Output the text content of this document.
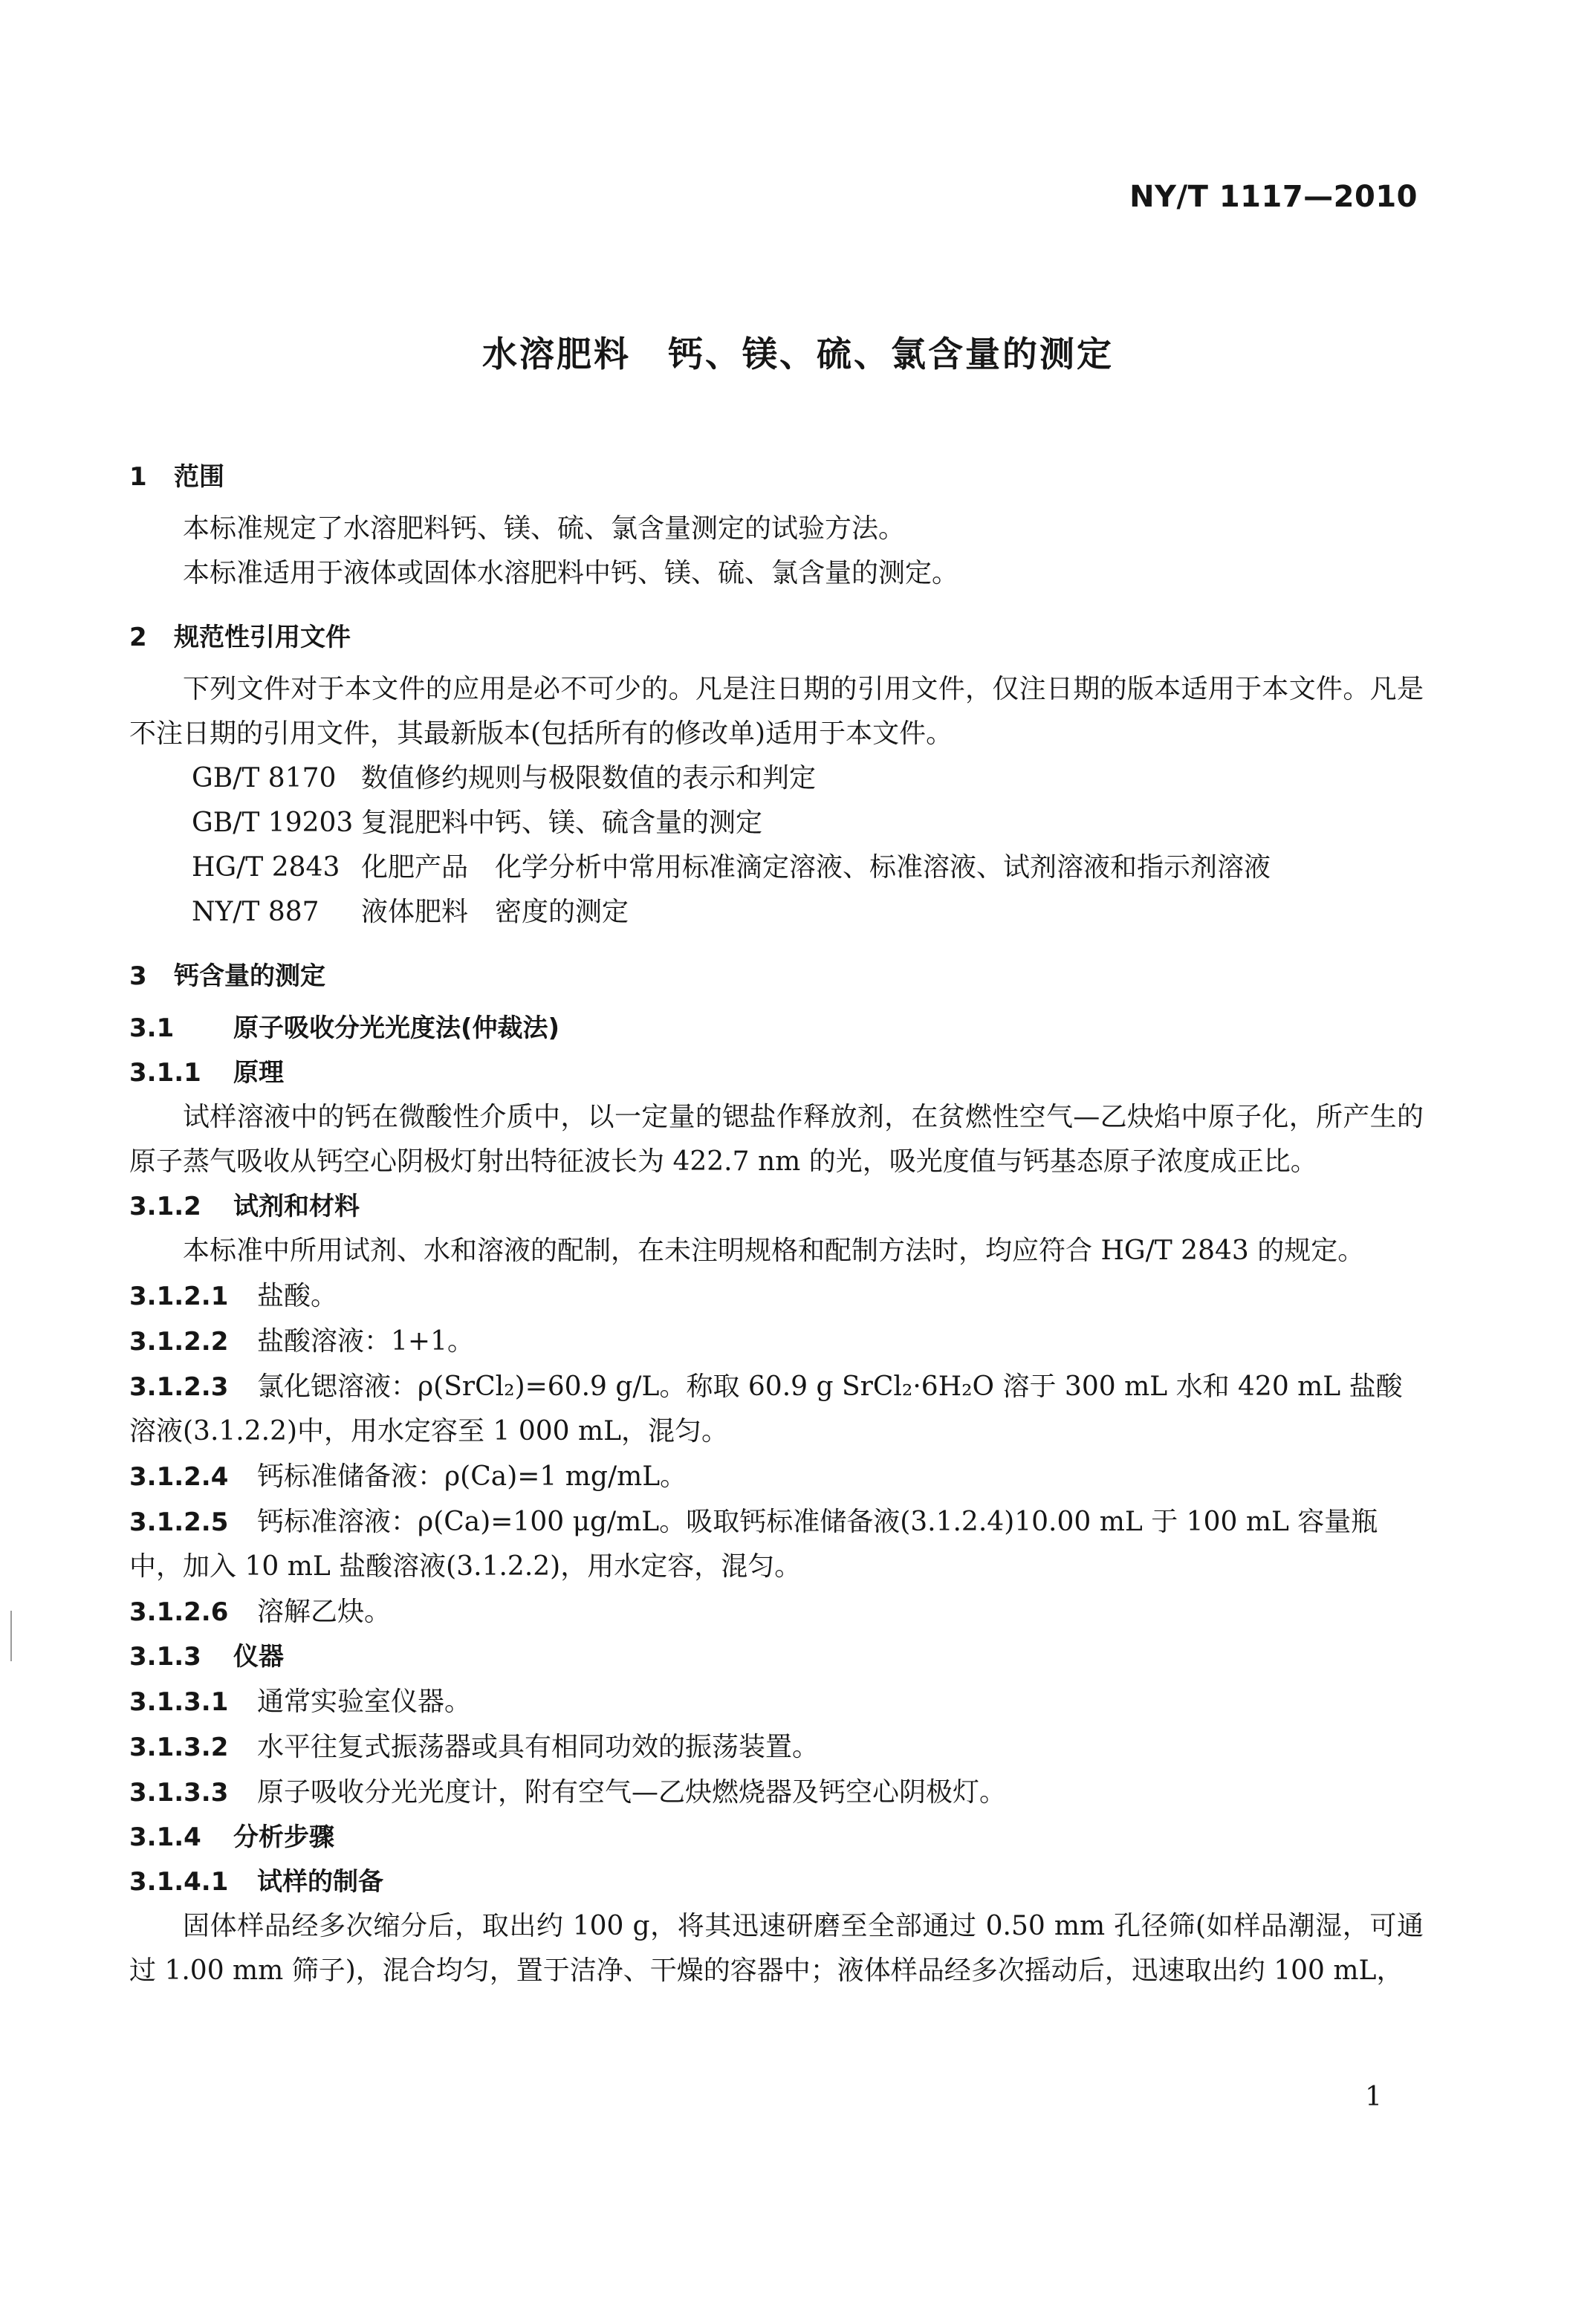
NY/T 1117—2010
水溶肥料　钙、镁、硫、氯含量的测定
1 范围

本标准规定了水溶肥料钙、镁、硫、氯含量测定的试验方法。

本标准适用于液体或固体水溶肥料中钙、镁、硫、氯含量的测定。

2 规范性引用文件

下列文件对于本文件的应用是必不可少的。凡是注日期的引用文件，仅注日期的版本适用于本文件。凡是不注日期的引用文件，其最新版本(包括所有的修改单)适用于本文件。

GB/T 8170 数值修约规则与极限数值的表示和判定
GB/T 19203 复混肥料中钙、镁、硫含量的测定
HG/T 2843 化肥产品　化学分析中常用标准滴定溶液、标准溶液、试剂溶液和指示剂溶液
NY/T 887 液体肥料　密度的测定
3 钙含量的测定
3.1 原子吸收分光光度法(仲裁法)
3.1.1 原理

试样溶液中的钙在微酸性介质中，以一定量的锶盐作释放剂，在贫燃性空气—乙炔焰中原子化，所产生的原子蒸气吸收从钙空心阴极灯射出特征波长为 422.7 nm 的光，吸光度值与钙基态原子浓度成正比。

3.1.2 试剂和材料

本标准中所用试剂、水和溶液的配制，在未注明规格和配制方法时，均应符合 HG/T 2843 的规定。

3.1.2.1 盐酸。
3.1.2.2 盐酸溶液：1+1。
3.1.2.3 氯化锶溶液：ρ(SrCl₂)=60.9 g/L。称取 60.9 g SrCl₂·6H₂O 溶于 300 mL 水和 420 mL 盐酸溶液(3.1.2.2)中，用水定容至 1 000 mL，混匀。
3.1.2.4 钙标准储备液：ρ(Ca)=1 mg/mL。
3.1.2.5 钙标准溶液：ρ(Ca)=100 μg/mL。吸取钙标准储备液(3.1.2.4)10.00 mL 于 100 mL 容量瓶中，加入 10 mL 盐酸溶液(3.1.2.2)，用水定容，混匀。
3.1.2.6 溶解乙炔。
3.1.3 仪器
3.1.3.1 通常实验室仪器。
3.1.3.2 水平往复式振荡器或具有相同功效的振荡装置。
3.1.3.3 原子吸收分光光度计，附有空气—乙炔燃烧器及钙空心阴极灯。
3.1.4 分析步骤
3.1.4.1 试样的制备

固体样品经多次缩分后，取出约 100 g，将其迅速研磨至全部通过 0.50 mm 孔径筛(如样品潮湿，可通过 1.00 mm 筛子)，混合均匀，置于洁净、干燥的容器中；液体样品经多次摇动后，迅速取出约 100 mL，

1
